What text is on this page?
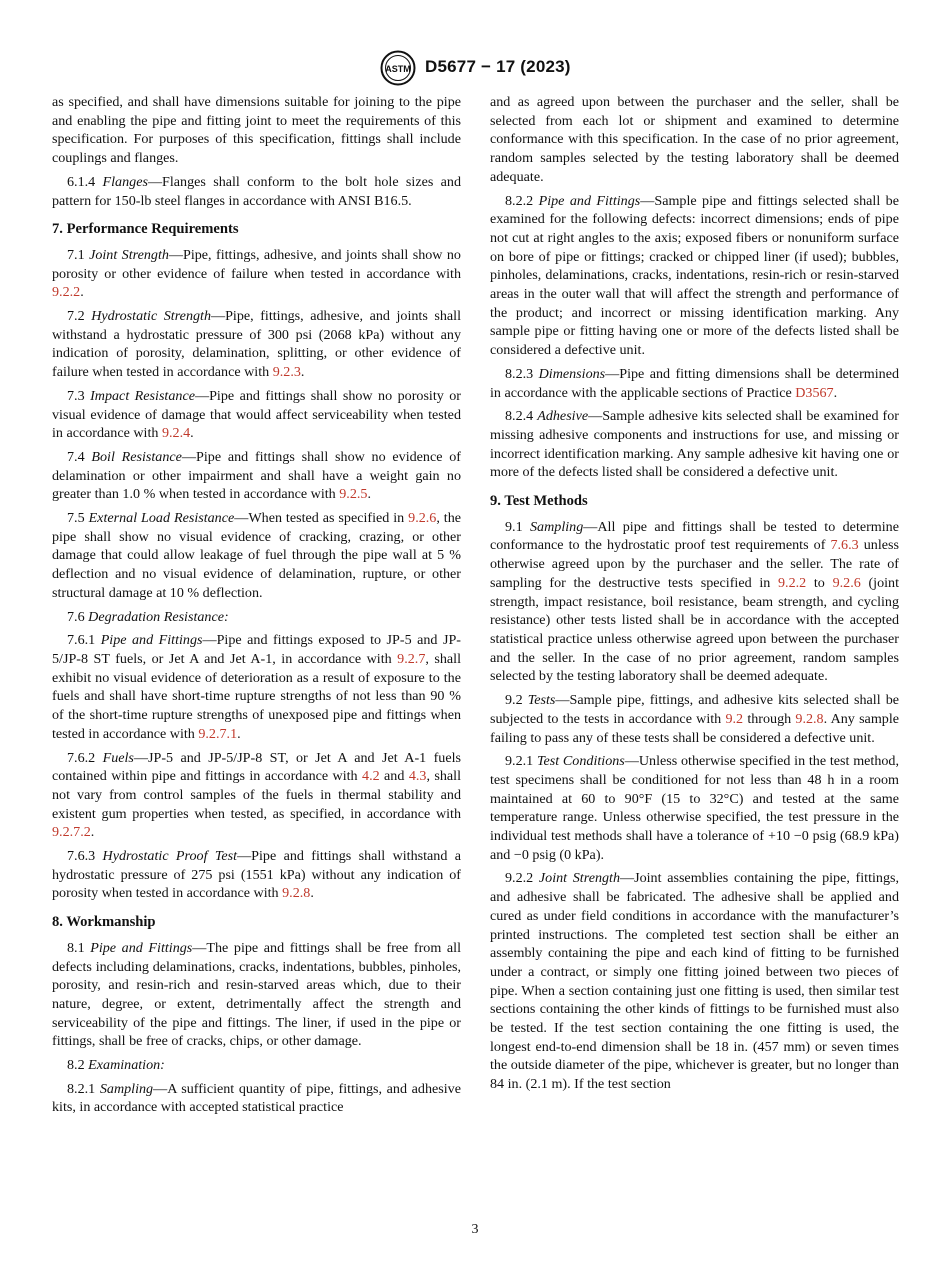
ASTM D5677 − 17 (2023)

as specified, and shall have dimensions suitable for joining to the pipe and enabling the pipe and fitting joint to meet the requirements of this specification. For purposes of this specification, fittings shall include couplings and flanges.

6.1.4 Flanges—Flanges shall conform to the bolt hole sizes and pattern for 150-lb steel flanges in accordance with ANSI B16.5.

7. Performance Requirements

7.1 Joint Strength—Pipe, fittings, adhesive, and joints shall show no porosity or other evidence of failure when tested in accordance with 9.2.2.

7.2 Hydrostatic Strength—Pipe, fittings, adhesive, and joints shall withstand a hydrostatic pressure of 300 psi (2068 kPa) without any indication of porosity, delamination, splitting, or other evidence of failure when tested in accordance with 9.2.3.

7.3 Impact Resistance—Pipe and fittings shall show no porosity or visual evidence of damage that would affect serviceability when tested in accordance with 9.2.4.

7.4 Boil Resistance—Pipe and fittings shall show no evidence of delamination or other impairment and shall have a weight gain no greater than 1.0 % when tested in accordance with 9.2.5.

7.5 External Load Resistance—When tested as specified in 9.2.6, the pipe shall show no visual evidence of cracking, crazing, or other damage that could allow leakage of fuel through the pipe wall at 5 % deflection and no visual evidence of delamination, rupture, or other structural damage at 10 % deflection.

7.6 Degradation Resistance:

7.6.1 Pipe and Fittings—Pipe and fittings exposed to JP-5 and JP-5/JP-8 ST fuels, or Jet A and Jet A-1, in accordance with 9.2.7, shall exhibit no visual evidence of deterioration as a result of exposure to the fuels and shall have short-time rupture strengths of not less than 90 % of the short-time rupture strengths of unexposed pipe and fittings when tested in accordance with 9.2.7.1.

7.6.2 Fuels—JP-5 and JP-5/JP-8 ST, or Jet A and Jet A-1 fuels contained within pipe and fittings in accordance with 4.2 and 4.3, shall not vary from control samples of the fuels in thermal stability and existent gum properties when tested, as specified, in accordance with 9.2.7.2.

7.6.3 Hydrostatic Proof Test—Pipe and fittings shall withstand a hydrostatic pressure of 275 psi (1551 kPa) without any indication of porosity when tested in accordance with 9.2.8.

8. Workmanship

8.1 Pipe and Fittings—The pipe and fittings shall be free from all defects including delaminations, cracks, indentations, bubbles, pinholes, porosity, and resin-rich and resin-starved areas which, due to their nature, degree, or extent, detrimentally affect the strength and serviceability of the pipe and fittings. The liner, if used in the pipe or fittings, shall be free of cracks, chips, or other damage.

8.2 Examination:

8.2.1 Sampling—A sufficient quantity of pipe, fittings, and adhesive kits, in accordance with accepted statistical practice

and as agreed upon between the purchaser and the seller, shall be selected from each lot or shipment and examined to determine conformance with this specification. In the case of no prior agreement, random samples selected by the testing laboratory shall be deemed adequate.

8.2.2 Pipe and Fittings—Sample pipe and fittings selected shall be examined for the following defects: incorrect dimensions; ends of pipe not cut at right angles to the axis; exposed fibers or nonuniform surface on bore of pipe or fittings; cracked or chipped liner (if used); bubbles, pinholes, delaminations, cracks, indentations, resin-rich or resin-starved areas in the outer wall that will affect the strength and performance of the product; and incorrect or missing identification marking. Any sample pipe or fitting having one or more of the defects listed shall be considered a defective unit.

8.2.3 Dimensions—Pipe and fitting dimensions shall be determined in accordance with the applicable sections of Practice D3567.

8.2.4 Adhesive—Sample adhesive kits selected shall be examined for missing adhesive components and instructions for use, and missing or incorrect identification marking. Any sample adhesive kit having one or more of the defects listed shall be considered a defective unit.

9. Test Methods

9.1 Sampling—All pipe and fittings shall be tested to determine conformance to the hydrostatic proof test requirements of 7.6.3 unless otherwise agreed upon by the purchaser and the seller. The rate of sampling for the destructive tests specified in 9.2.2 to 9.2.6 (joint strength, impact resistance, boil resistance, beam strength, and cycling resistance) other tests listed shall be in accordance with the accepted statistical practice unless otherwise agreed upon between the purchaser and the seller. In the case of no prior agreement, random samples selected by the testing laboratory shall be deemed adequate.

9.2 Tests—Sample pipe, fittings, and adhesive kits selected shall be subjected to the tests in accordance with 9.2 through 9.2.8. Any sample failing to pass any of these tests shall be considered a defective unit.

9.2.1 Test Conditions—Unless otherwise specified in the test method, test specimens shall be conditioned for not less than 48 h in a room maintained at 60 to 90°F (15 to 32°C) and tested at the same temperature range. Unless otherwise specified, the test pressure in the individual test methods shall have a tolerance of +10 −0 psig (68.9 kPa) and −0 psig (0 kPa).

9.2.2 Joint Strength—Joint assemblies containing the pipe, fittings, and adhesive shall be fabricated. The adhesive shall be applied and cured as under field conditions in accordance with the manufacturer’s printed instructions. The completed test section shall be either an assembly containing the pipe and each kind of fitting to be furnished under a contract, or simply one fitting joined between two pieces of pipe. When a section containing just one fitting is used, then similar test sections containing the other kinds of fittings to be furnished must also be tested. If the test section containing the one fitting is used, the longest end-to-end dimension shall be 18 in. (457 mm) or seven times the outside diameter of the pipe, whichever is greater, but no longer than 84 in. (2.1 m). If the test section

3
